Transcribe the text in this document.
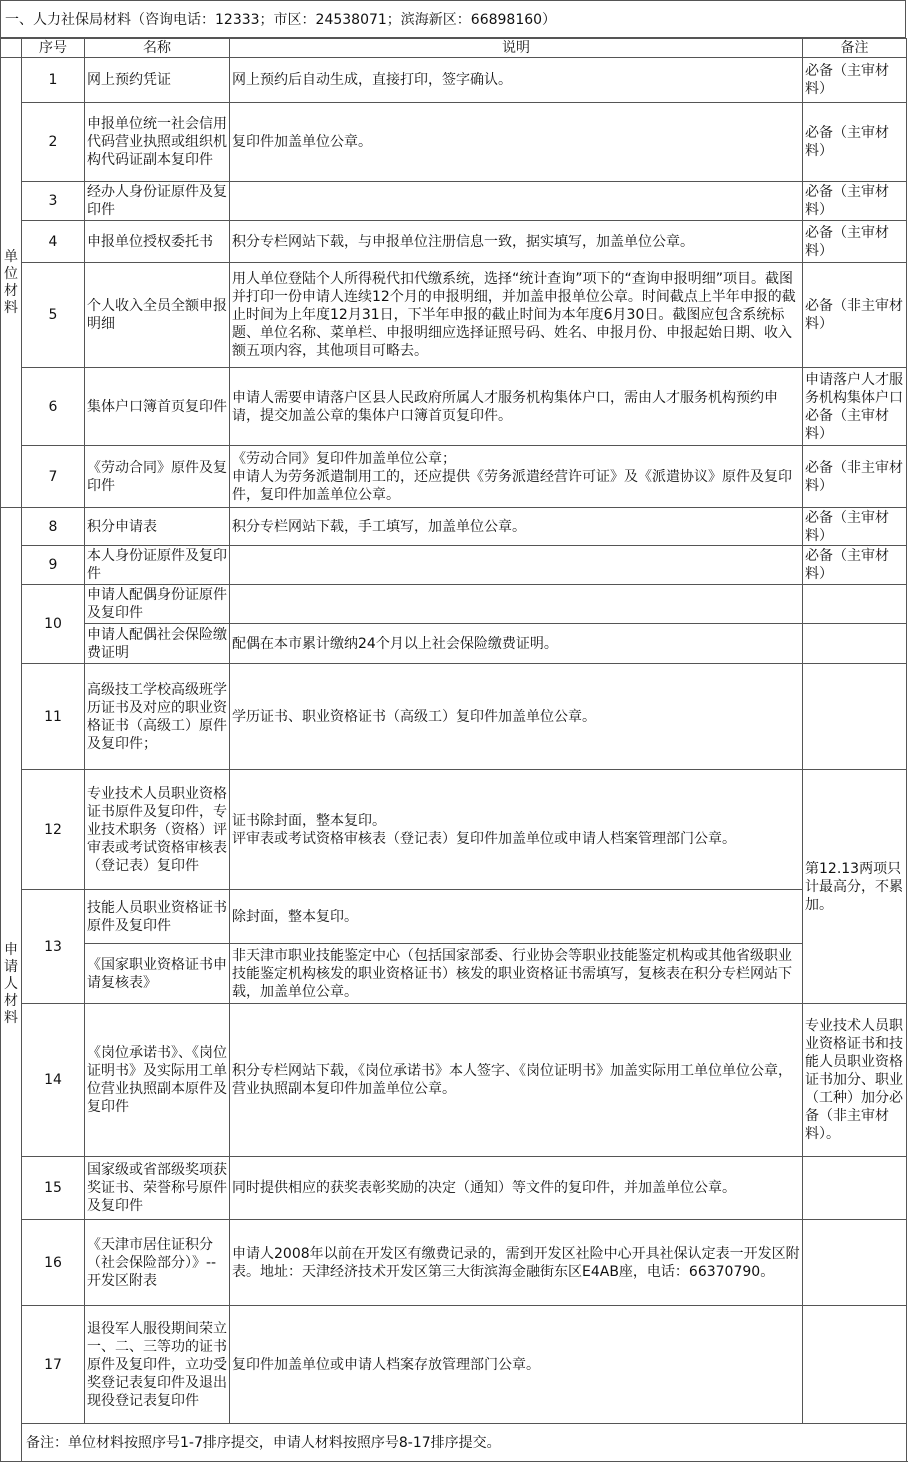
一、人力社保局材料（咨询电话：12333；市区：24538071；滨海新区：66898160）
	序号	名称	说明	备注
单位材料	1	网上预约凭证	网上预约后自动生成，直接打印，签字确认。	必备（主审材料）
	2	申报单位统一社会信用代码营业执照或组织机构代码证副本复印件	复印件加盖单位公章。	必备（主审材料）
	3	经办人身份证原件及复印件		必备（主审材料）
	4	申报单位授权委托书	积分专栏网站下载，与申报单位注册信息一致，据实填写，加盖单位公章。	必备（主审材料）
	5	个人收入全员全额申报明细	用人单位登陆个人所得税代扣代缴系统，选择“统计查询”项下的“查询申报明细”项目。截图并打印一份申请人连续12个月的申报明细，并加盖申报单位公章。时间截点上半年申报的截止时间为上年度12月31日，下半年申报的截止时间为本年度6月30日。截图应包含系统标题、单位名称、菜单栏、申报明细应选择证照号码、姓名、申报月份、申报起始日期、收入额五项内容，其他项目可略去。	必备（非主审材料）
	6	集体户口簿首页复印件	申请人需要申请落户区县人民政府所属人才服务机构集体户口，需由人才服务机构预约申请，提交加盖公章的集体户口簿首页复印件。	申请落户人才服务机构集体户口必备（主审材料）
	7	《劳动合同》原件及复印件	《劳动合同》复印件加盖单位公章；
申请人为劳务派遣制用工的，还应提供《劳务派遣经营许可证》及《派遣协议》原件及复印件，复印件加盖单位公章。	必备（非主审材料）
申请人材料	8	积分申请表	积分专栏网站下载，手工填写，加盖单位公章。	必备（主审材料）
	9	本人身份证原件及复印件		必备（主审材料）
	10	申请人配偶身份证原件及复印件		
		申请人配偶社会保险缴费证明	配偶在本市累计缴纳24个月以上社会保险缴费证明。	
	11	高级技工学校高级班学历证书及对应的职业资格证书（高级工）原件及复印件；	学历证书、职业资格证书（高级工）复印件加盖单位公章。	
	12	专业技术人员职业资格证书原件及复印件，专业技术职务（资格）评审表或考试资格审核表（登记表）复印件	证书除封面，整本复印。
评审表或考试资格审核表（登记表）复印件加盖单位或申请人档案管理部门公章。	第12.13两项只计最高分，不累加。
	13	技能人员职业资格证书原件及复印件	除封面，整本复印。	
		《国家职业资格证书申请复核表》	非天津市职业技能鉴定中心（包括国家部委、行业协会等职业技能鉴定机构或其他省级职业技能鉴定机构核发的职业资格证书）核发的职业资格证书需填写，复核表在积分专栏网站下载，加盖单位公章。	
	14	《岗位承诺书》、《岗位证明书》及实际用工单位营业执照副本原件及复印件	积分专栏网站下载，《岗位承诺书》本人签字、《岗位证明书》加盖实际用工单位单位公章，营业执照副本复印件加盖单位公章。	专业技术人员职业资格证书和技能人员职业资格证书加分、职业（工种）加分必备（非主审材料）。
	15	国家级或省部级奖项获奖证书、荣誉称号原件及复印件	同时提供相应的获奖表彰奖励的决定（通知）等文件的复印件，并加盖单位公章。	
	16	《天津市居住证积分（社会保险部分）》--开发区附表	申请人2008年以前在开发区有缴费记录的，需到开发区社险中心开具社保认定表一开发区附表。地址：天津经济技术开发区第三大街滨海金融街东区E4AB座，电话：66370790。	
	17	退役军人服役期间荣立一、二、三等功的证书原件及复印件，立功受奖登记表复印件及退出现役登记表复印件	复印件加盖单位或申请人档案存放管理部门公章。	
	备注：单位材料按照序号1-7排序提交，申请人材料按照序号8-17排序提交。			
